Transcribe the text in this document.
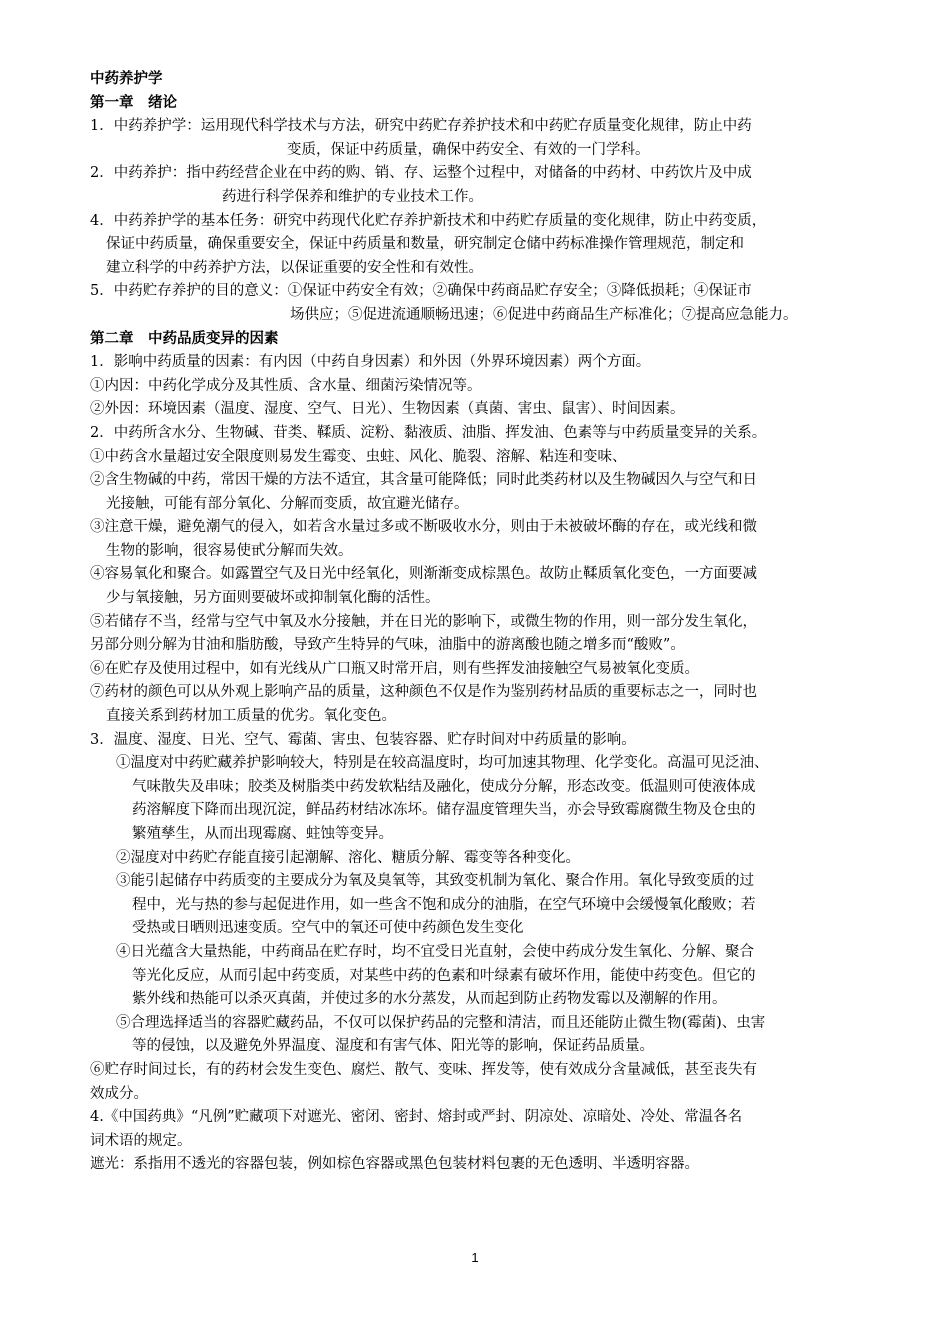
中药养护学
第一章　绪论
1．中药养护学：运用现代科学技术与方法，研究中药贮存养护技术和中药贮存质量变化规律，防止中药
变质，保证中药质量，确保中药安全、有效的一门学科。
2．中药养护：指中药经营企业在中药的购、销、存、运整个过程中，对储备的中药材、中药饮片及中成
药进行科学保养和维护的专业技术工作。
4．中药养护学的基本任务：研究中药现代化贮存养护新技术和中药贮存质量的变化规律，防止中药变质，
保证中药质量，确保重要安全，保证中药质量和数量，研究制定仓储中药标准操作管理规范，制定和
建立科学的中药养护方法，以保证重要的安全性和有效性。
5．中药贮存养护的目的意义：①保证中药安全有效；②确保中药商品贮存安全；③降低损耗；④保证市
场供应；⑤促进流通顺畅迅速；⑥促进中药商品生产标准化；⑦提高应急能力。
第二章　中药品质变异的因素
1．影响中药质量的因素：有内因（中药自身因素）和外因（外界环境因素）两个方面。
①内因：中药化学成分及其性质、含水量、细菌污染情况等。
②外因：环境因素（温度、湿度、空气、日光）、生物因素（真菌、害虫、鼠害）、时间因素。
2．中药所含水分、生物碱、苷类、鞣质、淀粉、黏液质、油脂、挥发油、色素等与中药质量变异的关系。
①中药含水量超过安全限度则易发生霉变、虫蛀、风化、脆裂、溶解、粘连和变味、
②含生物碱的中药，常因干燥的方法不适宜，其含量可能降低；同时此类药材以及生物碱因久与空气和日
光接触，可能有部分氧化、分解而变质，故宜避光储存。
③注意干燥，避免潮气的侵入，如若含水量过多或不断吸收水分，则由于未被破坏酶的存在，或光线和微
生物的影响，很容易使甙分解而失效。
④容易氧化和聚合。如露置空气及日光中经氧化，则渐渐变成棕黑色。故防止鞣质氧化变色，一方面要减
少与氧接触，另方面则要破坏或抑制氧化酶的活性。
⑤若储存不当，经常与空气中氧及水分接触，并在日光的影响下，或微生物的作用，则一部分发生氧化，
另部分则分解为甘油和脂肪酸，导致产生特异的气味，油脂中的游离酸也随之增多而“酸败”。
⑥在贮存及使用过程中，如有光线从广口瓶又时常开启，则有些挥发油接触空气易被氧化变质。
⑦药材的颜色可以从外观上影响产品的质量，这种颜色不仅是作为鉴别药材品质的重要标志之一，同时也
直接关系到药材加工质量的优劣。氧化变色。
3．温度、湿度、日光、空气、霉菌、害虫、包装容器、贮存时间对中药质量的影响。
①温度对中药贮藏养护影响较大，特别是在较高温度时，均可加速其物理、化学变化。高温可见泛油、
气味散失及串味；胶类及树脂类中药发软粘结及融化，使成分分解，形态改变。低温则可使液体成
药溶解度下降而出现沉淀，鲜品药材结冰冻坏。储存温度管理失当，亦会导致霉腐微生物及仓虫的
繁殖孳生，从而出现霉腐、蛀蚀等变异。
②湿度对中药贮存能直接引起潮解、溶化、糖质分解、霉变等各种变化。
③能引起储存中药质变的主要成分为氧及臭氧等，其致变机制为氧化、聚合作用。氧化导致变质的过
程中，光与热的参与起促进作用，如一些含不饱和成分的油脂，在空气环境中会缓慢氧化酸败；若
受热或日晒则迅速变质。空气中的氧还可使中药颜色发生变化
④日光蕴含大量热能，中药商品在贮存时，均不宜受日光直射，会使中药成分发生氧化、分解、聚合
等光化反应，从而引起中药变质，对某些中药的色素和叶绿素有破坏作用，能使中药变色。但它的
紫外线和热能可以杀灭真菌，并使过多的水分蒸发，从而起到防止药物发霉以及潮解的作用。
⑤合理选择适当的容器贮藏药品，不仅可以保护药品的完整和清洁，而且还能防止微生物(霉菌)、虫害
等的侵蚀，以及避免外界温度、湿度和有害气体、阳光等的影响，保证药品质量。
⑥贮存时间过长，有的药材会发生变色、腐烂、散气、变味、挥发等，使有效成分含量减低，甚至丧失有
效成分。
4.《中国药典》“凡例”贮藏项下对遮光、密闭、密封、熔封或严封、阴凉处、凉暗处、冷处、常温各名
词术语的规定。
遮光：系指用不透光的容器包装，例如棕色容器或黑色包装材料包裹的无色透明、半透明容器。
1
